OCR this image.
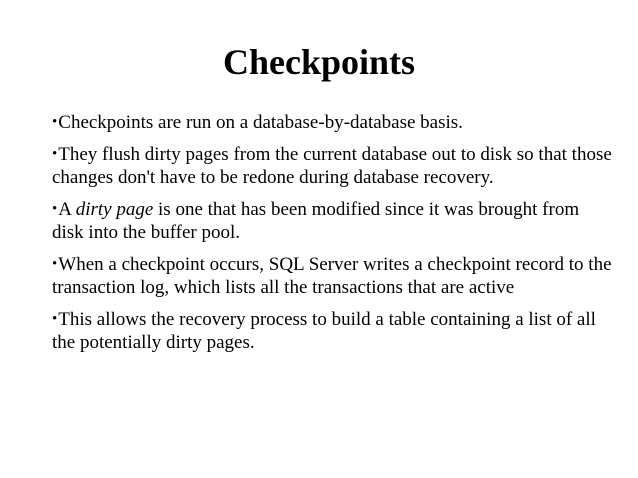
Checkpoints
•Checkpoints are run on a database-by-database basis.
•They flush dirty pages from the current database out to disk so that those changes don't have to be redone during database recovery.
•A dirty page is one that has been modified since it was brought from disk into the buffer pool.
•When a checkpoint occurs, SQL Server writes a checkpoint record to the transaction log, which lists all the transactions that are active
•This allows the recovery process to build a table containing a list of all the potentially dirty pages.
